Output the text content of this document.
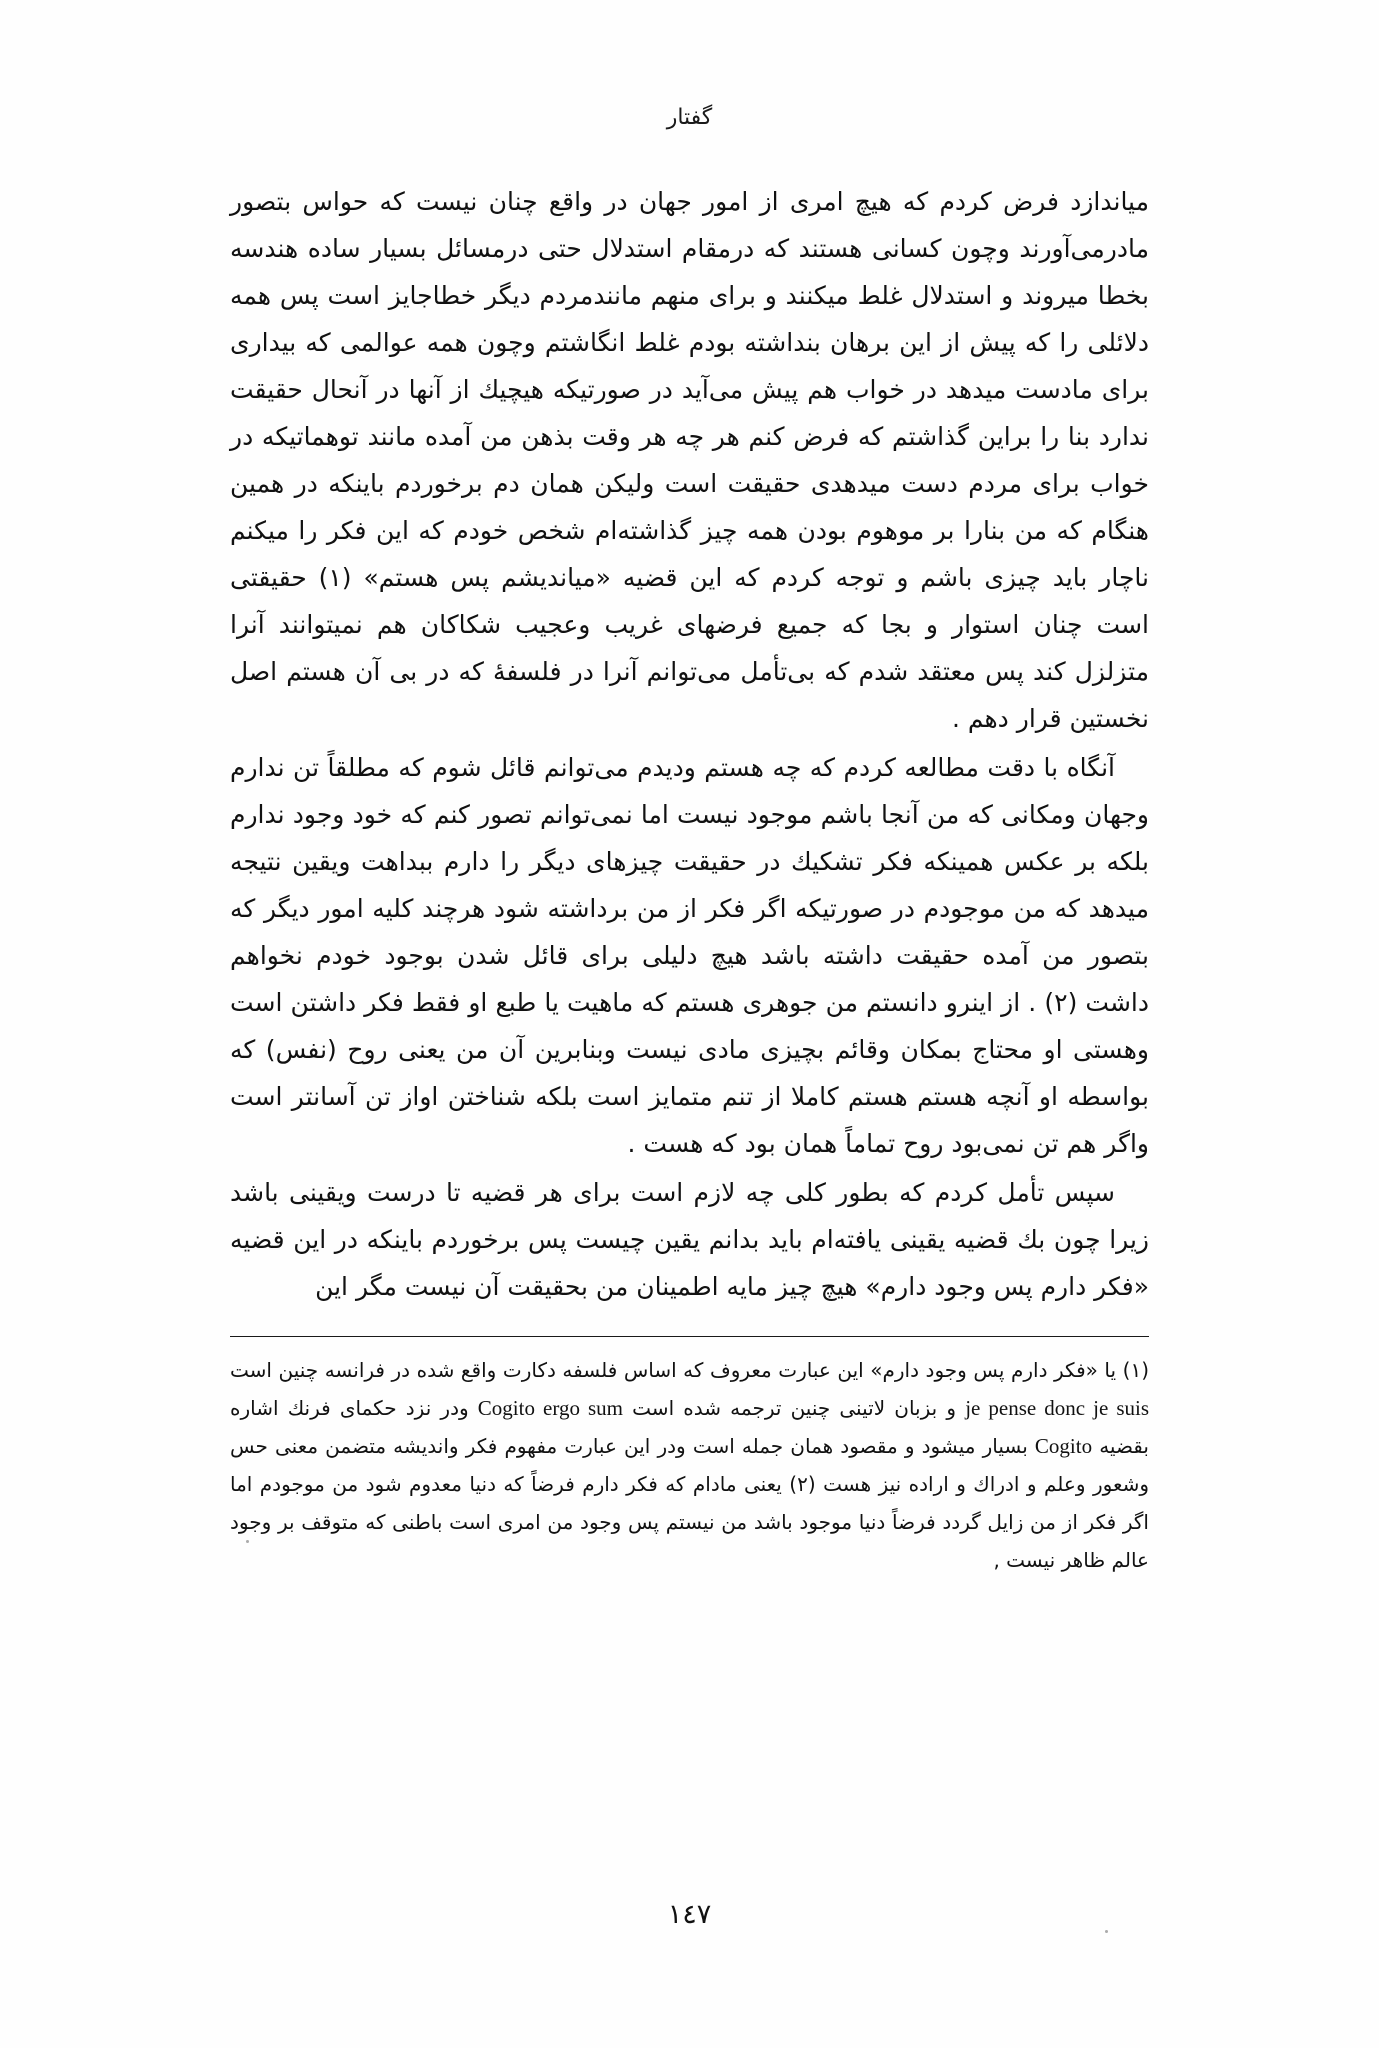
گفتار

میاندازد فرض کردم که هیچ امری از امور جهان در واقع چنان نیست که حواس بتصور مادرمی‌آورند وچون کسانی هستند که درمقام استدلال حتی درمسائل بسیار ساده هندسه بخطا میروند و استدلال غلط میکنند و برای منهم مانندمردم دیگر خطاجایز است پس همه دلائلی را که پیش از این برهان بنداشته بودم غلط انگاشتم وچون همه عوالمی که بیداری برای مادست میدهد در خواب هم پیش می‌آید در صورتیکه هیچیك از آنها در آنحال حقیقت ندارد بنا را براین گذاشتم که فرض کنم هر چه هر وقت بذهن من آمده مانند توهماتیکه در خواب برای مردم دست میدهدی حقیقت است ولیکن همان دم برخوردم باینکه در همین هنگام که من بنارا بر موهوم بودن همه چیز گذاشته‌ام شخص خودم که این فکر را میکنم ناچار باید چیزی باشم و توجه کردم که این قضیه «میاندیشم پس هستم» (١) حقیقتی است چنان استوار و بجا که جمیع فرضهای غریب وعجیب شکاکان هم نمیتوانند آنرا متزلزل کند پس معتقد شدم که بی‌تأمل می‌توانم آنرا در فلسفهٔ که در بی آن هستم اصل نخستین قرار دهم .

آنگاه با دقت مطالعه کردم که چه هستم ودیدم می‌توانم قائل شوم که مطلقاً تن ندارم وجهان ومکانی که من آنجا باشم موجود نیست اما نمی‌توانم تصور کنم که خود وجود ندارم بلکه بر عکس همینکه فکر تشکیك در حقیقت چیزهای دیگر را دارم ببداهت ویقین نتیجه میدهد که من موجودم در صورتیکه اگر فکر از من برداشته شود هرچند کلیه امور دیگر که بتصور من آمده حقیقت داشته باشد هیچ دلیلی برای قائل شدن بوجود خودم نخواهم داشت (٢) . از اینرو دانستم من جوهری هستم که ماهیت یا طبع او فقط فکر داشتن است وهستی او محتاج بمکان وقائم بچیزی مادی نیست وبنابرین آن من یعنی روح (نفس) که بواسطه او آنچه هستم هستم کاملا از تنم متمایز است بلکه شناختن اواز تن آسانتر است واگر هم تن نمی‌بود روح تماماً همان بود که هست .

سپس تأمل کردم که بطور کلی چه لازم است برای هر قضیه تا درست ویقینی باشد زیرا چون بك قضیه یقینی یافته‌ام باید بدانم یقین چیست پس برخوردم باینکه در این قضیه «فکر دارم پس وجود دارم» هیچ چیز مایه اطمینان من بحقیقت آن نیست مگر این

(١) یا «فکر دارم پس وجود دارم» این عبارت معروف که اساس فلسفه دکارت واقع شده در فرانسه چنین است je pense donc je suis و بزبان لاتینی چنین ترجمه شده است Cogito ergo sum ودر نزد حکمای فرنك اشاره بقضیه Cogito بسیار میشود و مقصود همان جمله است ودر این عبارت مفهوم فکر واندیشه متضمن معنی حس وشعور وعلم و ادراك و اراده نیز هست (٢) یعنی مادام که فکر دارم فرضاً که دنیا معدوم شود من موجودم اما اگر فکر از من زایل گردد فرضاً دنیا موجود باشد من نیستم پس وجود من امری است باطنی که متوقف بر وجود عالم ظاهر نیست ,

١٤٧
